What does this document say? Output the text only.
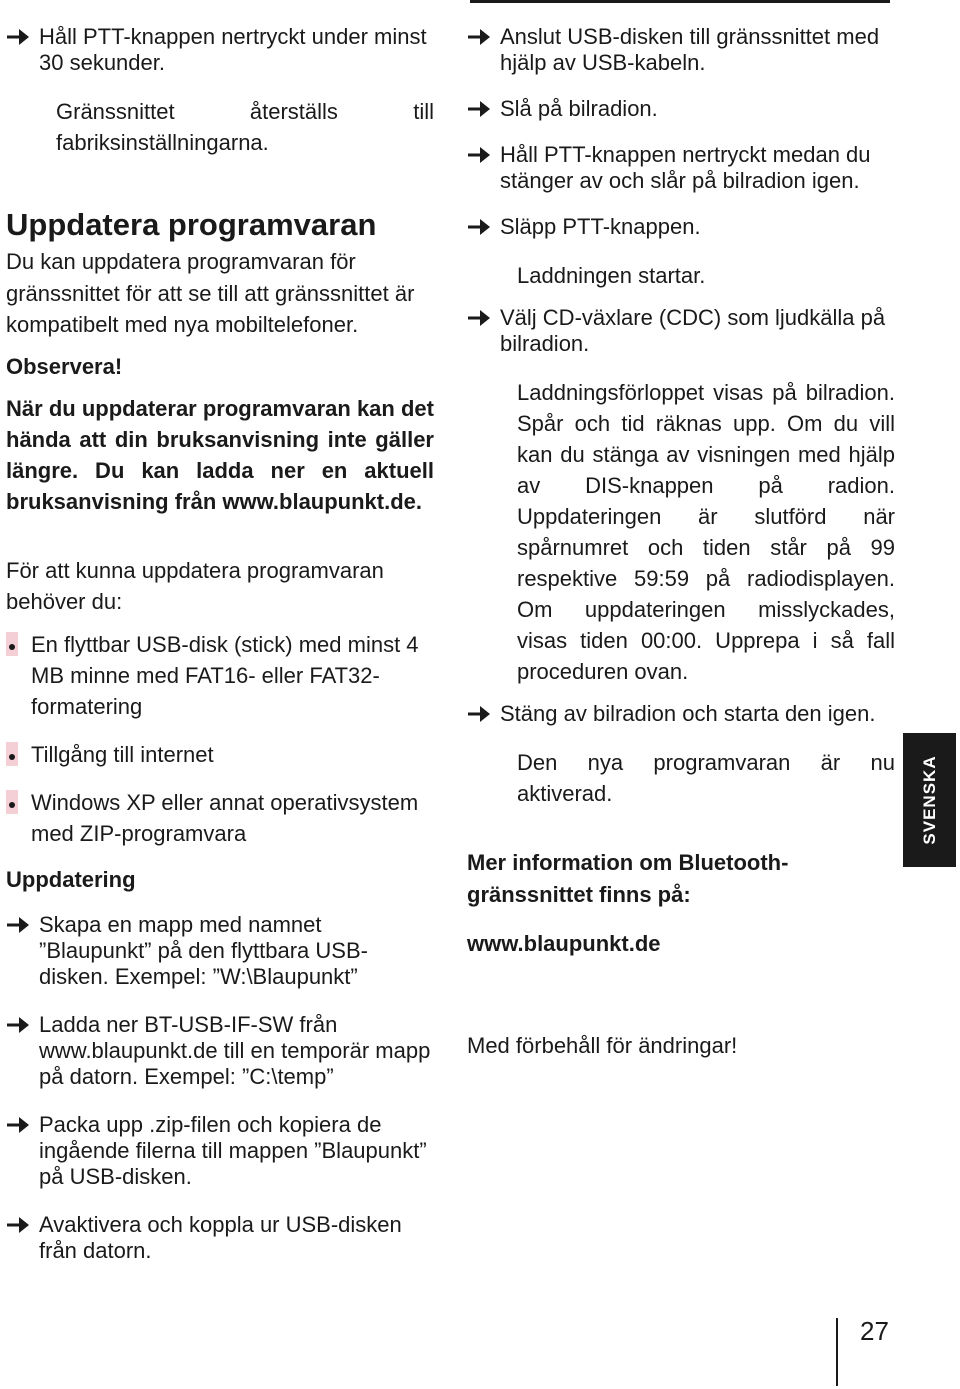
Håll PTT-knappen nertryckt under minst 30 sekunder.

Gränssnittet återställs till fabriksinställningarna.

Uppdatera programvaran

Du kan uppdatera programvaran för gränssnittet för att se till att gränssnittet är kompatibelt med nya mobiltelefoner.

Observera!

När du uppdaterar programvaran kan det hända att din bruksanvisning inte gäller längre. Du kan ladda ner en aktuell bruksanvisning från www.blaupunkt.de.

För att kunna uppdatera programvaran behöver du:

En flyttbar USB-disk (stick) med minst 4 MB minne med FAT16- eller FAT32-formatering
Tillgång till internet
Windows XP eller annat operativsystem med ZIP-programvara
Uppdatering
Skapa en mapp med namnet ”Blaupunkt” på den flyttbara USB-disken. Exempel: ”W:\Blaupunkt”
Ladda ner BT-USB-IF-SW från www.blaupunkt.de till en temporär mapp på datorn. Exempel: ”C:\temp”
Packa upp .zip-filen och kopiera de ingående filerna till mappen ”Blaupunkt” på USB-disken.
Avaktivera och koppla ur USB-disken från datorn.
Anslut USB-disken till gränssnittet med hjälp av USB-kabeln.
Slå på bilradion.
Håll PTT-knappen nertryckt medan du stänger av och slår på bilradion igen.
Släpp PTT-knappen.

Laddningen startar.

Välj CD-växlare (CDC) som ljudkälla på bilradion.

Laddningsförloppet visas på bilradion. Spår och tid räknas upp. Om du vill kan du stänga av visningen med hjälp av DIS-knappen på radion. Uppdateringen är slutförd när spårnumret och tiden står på 99 respektive 59:59 på radiodisplayen. Om uppdateringen misslyckades, visas tiden 00:00. Upprepa i så fall proceduren ovan.

Stäng av bilradion och starta den igen.

Den nya programvaran är nu aktiverad.

Mer information om Bluetooth-gränssnittet finns på:
www.blaupunkt.de

Med förbehåll för ändringar!

SVENSKA
27
